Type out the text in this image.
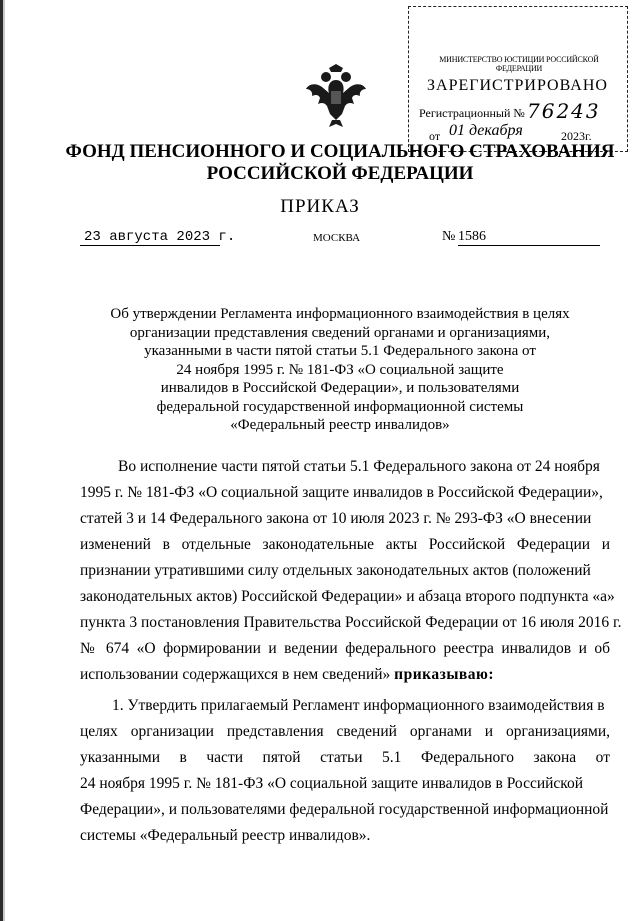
МИНИСТЕРСТВО ЮСТИЦИИ РОССИЙСКОЙ ФЕДЕРАЦИИ
ЗАРЕГИСТРИРОВАНО
Регистрационный № 76243
от 01 декабря	2023г.
ФОНД ПЕНСИОННОГО И СОЦИАЛЬНОГО СТРАХОВАНИЯ
РОССИЙСКОЙ ФЕДЕРАЦИИ
ПРИКАЗ
23 августа 2023 г.	МОСКВА	№ 1586
Об утверждении Регламента информационного взаимодействия в целях
организации представления сведений органами и организациями,
указанными в части пятой статьи 5.1 Федерального закона от
24 ноября 1995 г. № 181-ФЗ «О социальной защите
инвалидов в Российской Федерации», и пользователями
федеральной государственной информационной системы
«Федеральный реестр инвалидов»
Во исполнение части пятой статьи 5.1 Федерального закона от 24 ноября
1995 г. № 181-ФЗ «О социальной защите инвалидов в Российской Федерации»,
статей 3 и 14 Федерального закона от 10 июля 2023 г. № 293-ФЗ «О внесении
изменений в отдельные законодательные акты Российской Федерации и
признании утратившими силу отдельных законодательных актов (положений
законодательных актов) Российской Федерации» и абзаца второго подпункта «а»
пункта 3 постановления Правительства Российской Федерации от 16 июля 2016 г.
№ 674 «О формировании и ведении федерального реестра инвалидов и об
использовании содержащихся в нем сведений» приказываю:
1. Утвердить прилагаемый Регламент информационного взаимодействия в
целях организации представления сведений органами и организациями,
указанными в части пятой статьи 5.1 Федерального закона от
24 ноября 1995 г. № 181-ФЗ «О социальной защите инвалидов в Российской
Федерации», и пользователями федеральной государственной информационной
системы «Федеральный реестр инвалидов».
